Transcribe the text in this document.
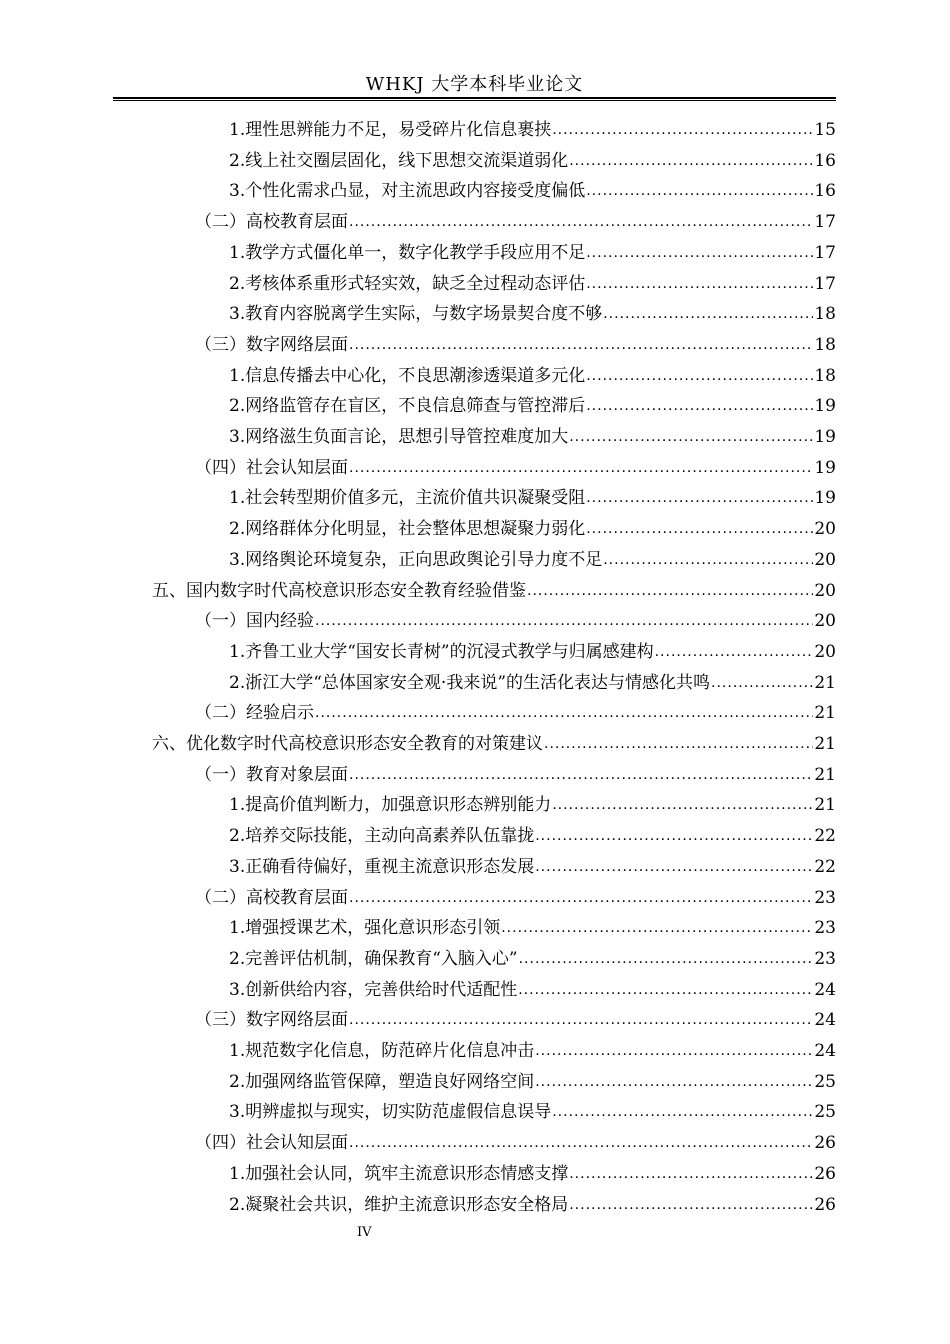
WHKJ 大学本科毕业论文
1.理性思辨能力不足，易受碎片化信息裹挟 .....	15
2.线上社交圈层固化，线下思想交流渠道弱化 .....	16
3.个性化需求凸显，对主流思政内容接受度偏低 .....	16
（二）高校教育层面 .....	17
1.教学方式僵化单一，数字化教学手段应用不足 .....	17
2.考核体系重形式轻实效，缺乏全过程动态评估 .....	17
3.教育内容脱离学生实际，与数字场景契合度不够 .....	18
（三）数字网络层面 .....	18
1.信息传播去中心化，不良思潮渗透渠道多元化 .....	18
2.网络监管存在盲区，不良信息筛查与管控滞后 .....	19
3.网络滋生负面言论，思想引导管控难度加大 .....	19
（四）社会认知层面 .....	19
1.社会转型期价值多元，主流价值共识凝聚受阻 .....	19
2.网络群体分化明显，社会整体思想凝聚力弱化 .....	20
3.网络舆论环境复杂，正向思政舆论引导力度不足 .....	20
五、国内数字时代高校意识形态安全教育经验借鉴 .....	20
（一）国内经验 .....	20
1.齐鲁工业大学“国安长青树”的沉浸式教学与归属感建构 .....	20
2.浙江大学“总体国家安全观·我来说”的生活化表达与情感化共鸣 .....	21
（二）经验启示 .....	21
六、优化数字时代高校意识形态安全教育的对策建议 .....	21
（一）教育对象层面 .....	21
1.提高价值判断力，加强意识形态辨别能力 .....	21
2.培养交际技能，主动向高素养队伍靠拢 .....	22
3.正确看待偏好，重视主流意识形态发展 .....	22
（二）高校教育层面 .....	23
1.增强授课艺术，强化意识形态引领 .....	23
2.完善评估机制，确保教育“入脑入心” .....	23
3.创新供给内容，完善供给时代适配性 .....	24
（三）数字网络层面 .....	24
1.规范数字化信息，防范碎片化信息冲击 .....	24
2.加强网络监管保障，塑造良好网络空间 .....	25
3.明辨虚拟与现实，切实防范虚假信息误导 .....	25
（四）社会认知层面 .....	26
1.加强社会认同，筑牢主流意识形态情感支撑 .....	26
2.凝聚社会共识，维护主流意识形态安全格局 .....	26
IV
